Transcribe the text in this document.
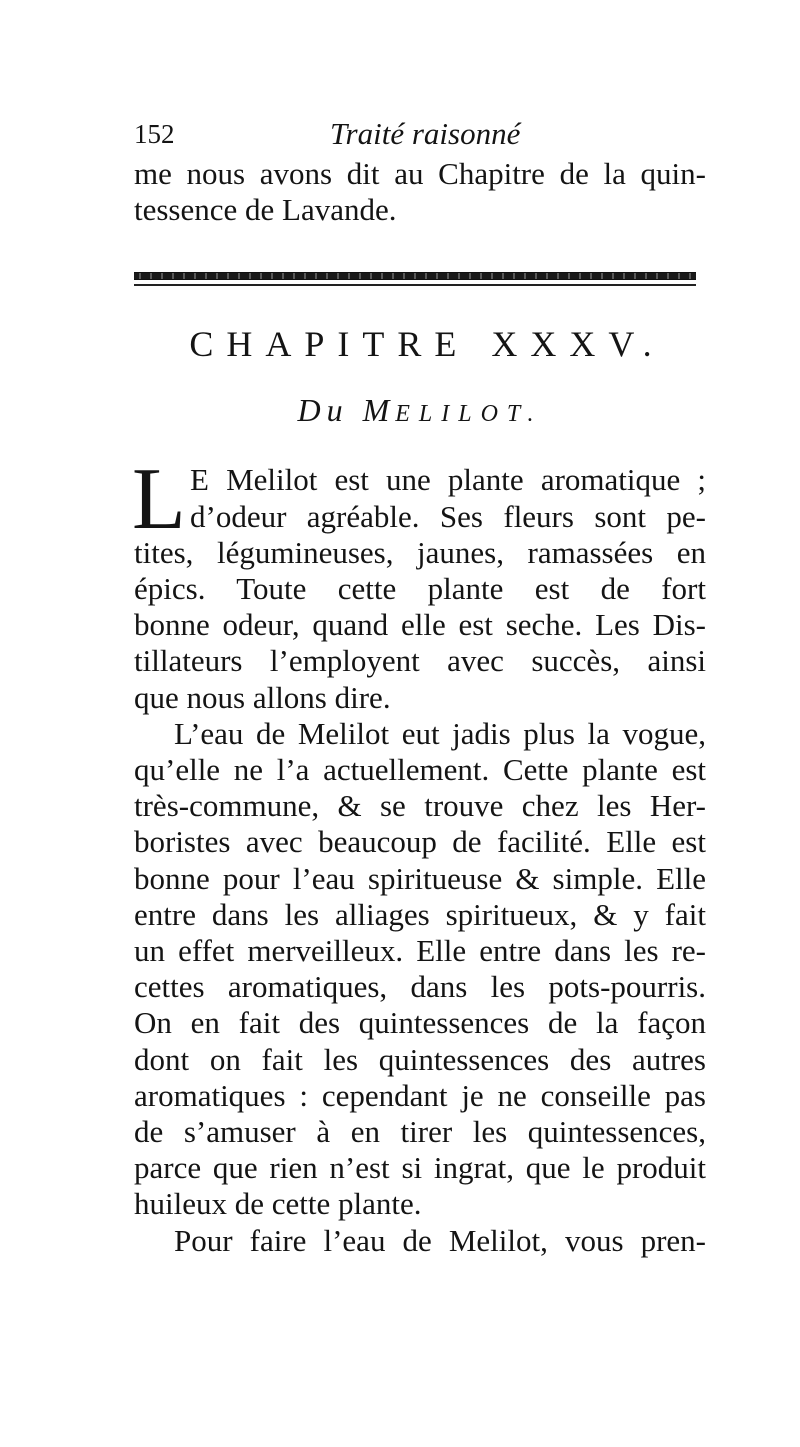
152	Traité raisonné
me nous avons dit au Chapitre de la quin-
tessence de Lavande.
CHAPITRE XXXV.
Du MELILOT.
L E Melilot est une plante aromatique ;
d’odeur agréable. Ses fleurs sont pe-
tites, légumineuses, jaunes, ramassées en
épics. Toute cette plante est de fort
bonne odeur, quand elle est seche. Les Dis-
tillateurs l’employent avec succès, ainsi
que nous allons dire.
L’eau de Melilot eut jadis plus la vogue,
qu’elle ne l’a actuellement. Cette plante est
très-commune, & se trouve chez les Her-
boristes avec beaucoup de facilité. Elle est
bonne pour l’eau spiritueuse & simple. Elle
entre dans les alliages spiritueux, & y fait
un effet merveilleux. Elle entre dans les re-
cettes aromatiques, dans les pots-pourris.
On en fait des quintessences de la façon
dont on fait les quintessences des autres
aromatiques : cependant je ne conseille pas
de s’amuser à en tirer les quintessences,
parce que rien n’est si ingrat, que le produit
huileux de cette plante.
Pour faire l’eau de Melilot, vous pren-
